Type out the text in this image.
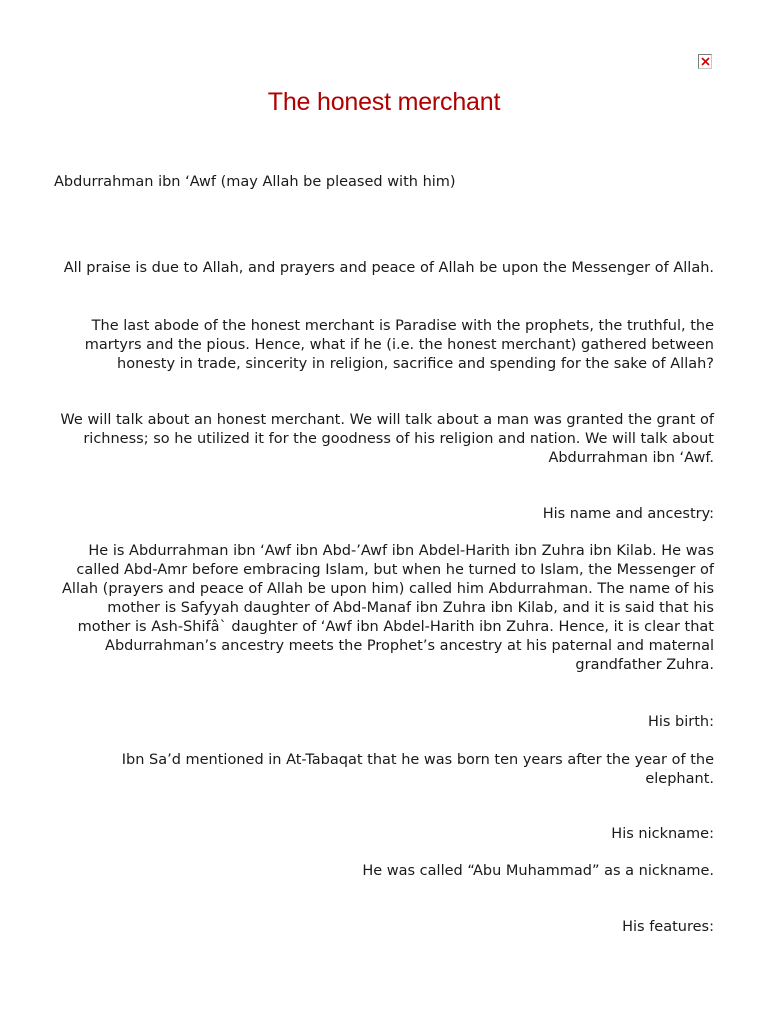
The honest merchant

Abdurrahman ibn ‘Awf (may Allah be pleased with him)

All praise is due to Allah, and prayers and peace of Allah be upon the Messenger of Allah.

The last abode of the honest merchant is Paradise with the prophets, the truthful, the martyrs and the pious. Hence, what if he (i.e. the honest merchant) gathered between honesty in trade, sincerity in religion, sacrifice and spending for the sake of Allah?

We will talk about an honest merchant. We will talk about a man was granted the grant of richness; so he utilized it for the goodness of his religion and nation. We will talk about Abdurrahman ibn ‘Awf.

His name and ancestry:

He is Abdurrahman ibn ‘Awf ibn Abd-’Awf ibn Abdel-Harith ibn Zuhra ibn Kilab. He was called Abd-Amr before embracing Islam, but when he turned to Islam, the Messenger of Allah (prayers and peace of Allah be upon him) called him Abdurrahman. The name of his mother is Safyyah daughter of Abd-Manaf ibn Zuhra ibn Kilab, and it is said that his mother is Ash-Shifâ` daughter of ‘Awf ibn Abdel-Harith ibn Zuhra. Hence, it is clear that Abdurrahman’s ancestry meets the Prophet’s ancestry at his paternal and maternal grandfather Zuhra.

His birth:

Ibn Sa’d mentioned in At-Tabaqat that he was born ten years after the year of the elephant.

His nickname:

He was called “Abu Muhammad” as a nickname.

His features:
